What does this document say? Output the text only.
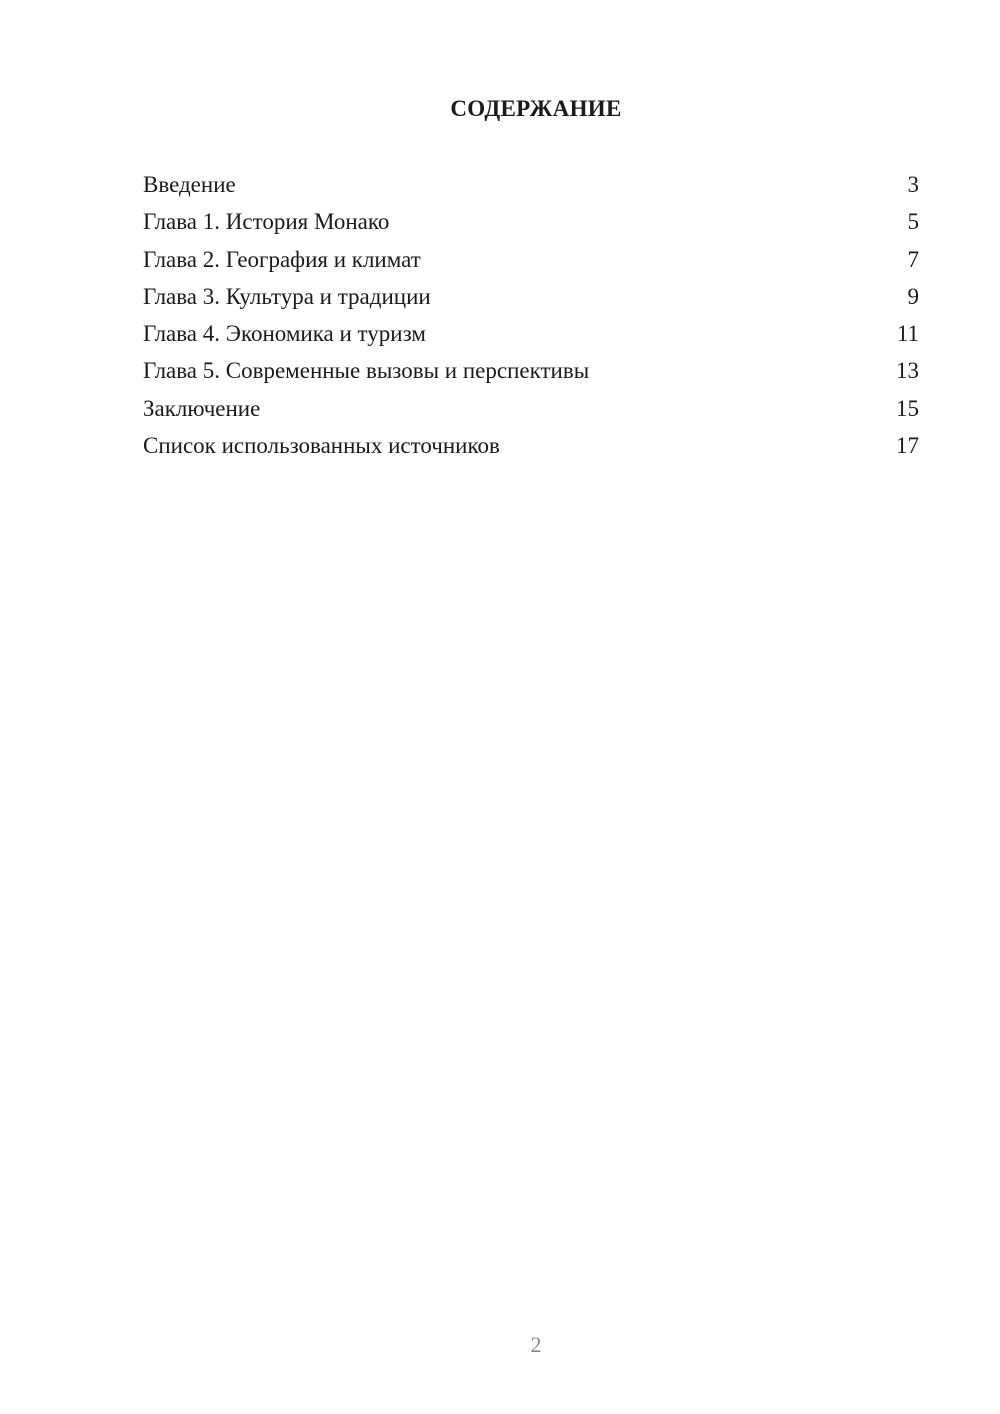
СОДЕРЖАНИЕ
Введение	3
Глава 1. История Монако	5
Глава 2. География и климат	7
Глава 3. Культура и традиции	9
Глава 4. Экономика и туризм	11
Глава 5. Современные вызовы и перспективы	13
Заключение	15
Список использованных источников	17
2
